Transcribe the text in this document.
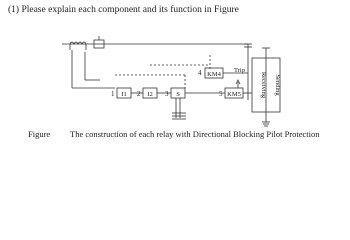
(1) Please explain each component and its function in Figure
1	2	3
4
5
I1	I2	S
KM4
KM5
Trip
Receiving Sending
Figure The construction of each relay with Directional Blocking Pilot Protection
